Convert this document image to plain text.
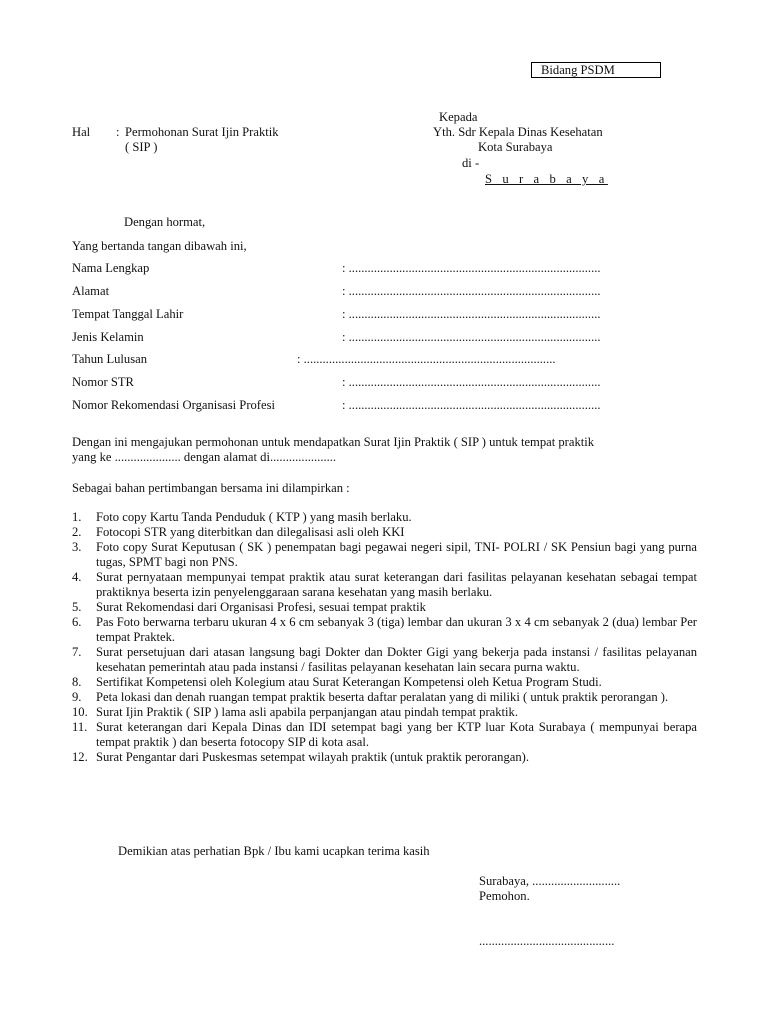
Bidang PSDM
Hal : Permohonan Surat Ijin Praktik
( SIP )
Kepada
Yth. Sdr Kepala Dinas Kesehatan
Kota Surabaya
di -
S u r a b a y a
Dengan hormat,
Yang bertanda tangan dibawah ini,
Nama Lengkap	: ................................................................................
Alamat	: ................................................................................
Tempat Tanggal Lahir	: ................................................................................
Jenis Kelamin	: ................................................................................
Tahun Lulusan	: ................................................................................
Nomor STR	: ................................................................................
Nomor Rekomendasi Organisasi Profesi	: ................................................................................

Dengan ini mengajukan permohonan untuk mendapatkan Surat Ijin Praktik ( SIP ) untuk tempat praktik

yang ke ..................... dengan alamat di.....................

Sebagai bahan pertimbangan bersama ini dilampirkan :
1. Foto copy Kartu Tanda Penduduk ( KTP ) yang masih berlaku.
2. Fotocopi STR yang diterbitkan dan dilegalisasi asli oleh KKI
3. Foto copy Surat Keputusan ( SK ) penempatan bagi pegawai negeri sipil, TNI- POLRI / SK Pensiun bagi yang purna tugas, SPMT bagi non PNS.
4. Surat pernyataan mempunyai tempat praktik atau surat keterangan dari fasilitas pelayanan kesehatan sebagai tempat praktiknya beserta izin penyelenggaraan sarana kesehatan yang masih berlaku.
5. Surat Rekomendasi dari Organisasi Profesi, sesuai tempat praktik
6. Pas Foto berwarna terbaru ukuran 4 x 6 cm sebanyak 3 (tiga) lembar dan ukuran 3 x 4 cm sebanyak 2 (dua) lembar Per tempat Praktek.
7. Surat persetujuan dari atasan langsung bagi Dokter dan Dokter Gigi yang bekerja pada instansi / fasilitas pelayanan kesehatan pemerintah atau pada instansi / fasilitas pelayanan kesehatan lain secara purna waktu.
8. Sertifikat Kompetensi oleh Kolegium atau Surat Keterangan Kompetensi oleh Ketua Program Studi.
9. Peta lokasi dan denah ruangan tempat praktik beserta daftar peralatan yang di miliki ( untuk praktik perorangan ).
10. Surat Ijin Praktik ( SIP ) lama asli apabila perpanjangan atau pindah tempat praktik.
11. Surat keterangan dari Kepala Dinas dan IDI setempat bagi yang ber KTP luar Kota Surabaya ( mempunyai berapa tempat praktik ) dan beserta fotocopy SIP di kota asal.
12. Surat Pengantar dari Puskesmas setempat wilayah praktik (untuk praktik perorangan).
Demikian atas perhatian Bpk / Ibu kami ucapkan terima kasih
Surabaya, ............................
Pemohon.
...........................................
